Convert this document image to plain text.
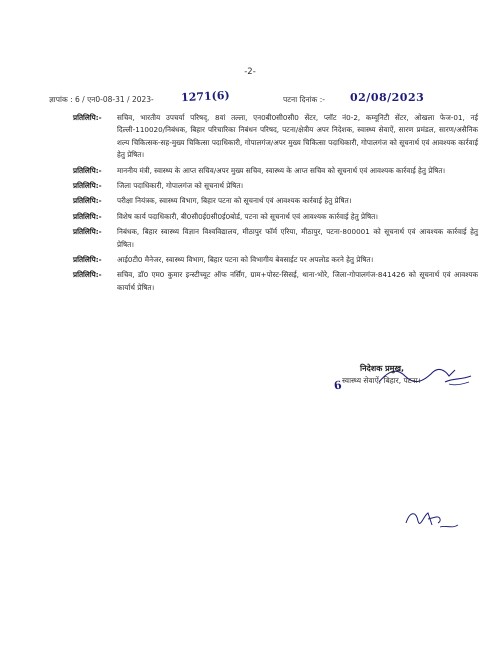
-2-
ज्ञापांक : 6 / एन0-08-31 / 2023- 1271(6)	पटना दिनांक :- 02/08/2023
प्रतिलिपि:-	सचिव, भारतीय उपचर्या परिषद्, 8वां तल्ला, एन0बी0सी0सी0 सेंटर, प्लॉट नं0-2, कम्यूनिटी सेंटर, ओखला फेज-01, नई दिल्ली-110020/निबंधक, बिहार परिचारिका निबंधन परिषद, पटना/क्षेत्रीय अपर निदेशक, स्वास्थ्य सेवाऐं, सारण प्रमंडल, सारण/असैनिक शल्य चिकित्सक-सह-मुख्य चिकित्सा पदाधिकारी, गोपालगंज/अपर मुख्य चिकित्सा पदाधिकारी, गोपालगंज को सूचनार्थ एवं आवश्यक कार्रवाई हेतु प्रेषित।
प्रतिलिपि:-	माननीय मंत्री, स्वास्थ्य के आप्त सचिव/अपर मुख्य सचिव, स्वास्थ्य के आप्त सचिव को सूचनार्थ एवं आवश्यक कार्रवाई हेतु प्रेषित।
प्रतिलिपि:-	जिला पदाधिकारी, गोपालगंज को सूचनार्थ प्रेषित।
प्रतिलिपि:-	परीक्षा नियंत्रक, स्वास्थ्य विभाग, बिहार पटना को सूचनार्थ एवं आवश्यक कार्रवाई हेतु प्रेषित।
प्रतिलिपि:-	विशेष कार्य पदाधिकारी, बी0सी0ई0सी0ई0बोर्ड, पटना को सूचनार्थ एवं आवश्यक कार्रवाई हेतु प्रेषित।
प्रतिलिपि:-	निबंधक, बिहार स्वास्थ्य विज्ञान विश्वविद्यालय, मीठापुर फॉर्म एरिया, मीठापुर, पटना-800001 को सूचनार्थ एवं आवश्यक कार्रवाई हेतु प्रेषित।
प्रतिलिपि:-	आई0टी0 मैनेजर, स्वास्थ्य विभाग, बिहार पटना को विभागीय बेवसाईट पर अपलोड करने हेतु प्रेषित।
प्रतिलिपि:-	सचिव, डॉ0 एम0 कुमार इन्स्टीच्यूट ऑफ नर्सिंग, ग्राम+पोस्ट-सिसई, थाना-भोरे, जिला-गोपालगंज-841426 को सूचनार्थ एवं आवश्यक कार्यार्थ प्रेषित।
निदेशक प्रमुख,
स्वास्थ्य सेवाऐं, बिहार, पटना।
6
